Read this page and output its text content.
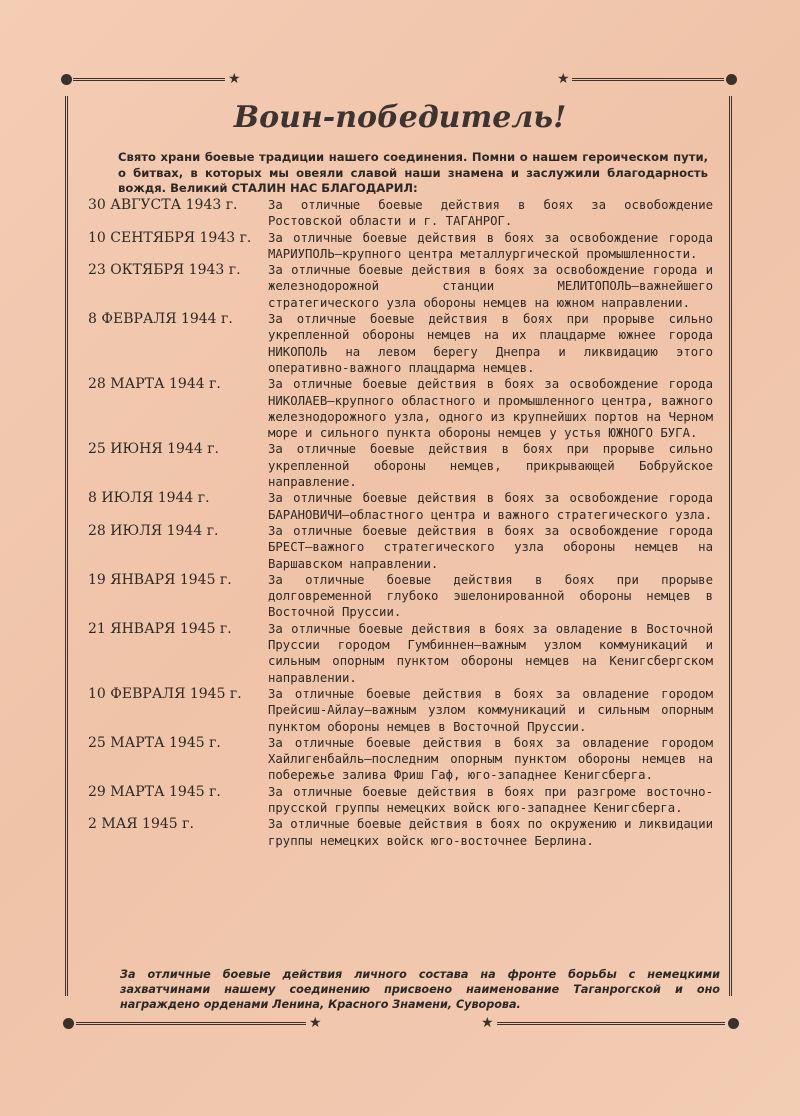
★	★
★	★
Воин-победитель!
Свято храни боевые традиции нашего соединения. Помни о нашем героическом пути, о битвах, в которых мы овеяли славой наши знамена и заслужили благодарность вождя. Великий СТАЛИН НАС БЛАГОДАРИЛ:
30 АВГУСТА 1943 г.	За отличные боевые действия в боях за освобождение Ростовской области и г. ТАГАНРОГ.
10 СЕНТЯБРЯ 1943 г.	За отличные боевые действия в боях за освобождение города МАРИУПОЛЬ—крупного центра металлургической промышленности.
23 ОКТЯБРЯ 1943 г.	За отличные боевые действия в боях за освобождение города и железнодорожной станции МЕЛИТОПОЛЬ—важнейшего стратегического узла обороны немцев на южном направлении.
8 ФЕВРАЛЯ 1944 г.	За отличные боевые действия в боях при прорыве сильно укрепленной обороны немцев на их плацдарме южнее города НИКОПОЛЬ на левом берегу Днепра и ликвидацию этого оперативно-важного плацдарма немцев.
28 МАРТА 1944 г.	За отличные боевые действия в боях за освобождение города НИКОЛАЕВ—крупного областного и промышленного центра, важного железнодорожного узла, одного из крупнейших портов на Черном море и сильного пункта обороны немцев у устья ЮЖНОГО БУГА.
25 ИЮНЯ 1944 г.	За отличные боевые действия в боях при прорыве сильно укрепленной обороны немцев, прикрывающей Бобруйское направление.
8 ИЮЛЯ 1944 г.	За отличные боевые действия в боях за освобождение города БАРАНОВИЧИ—областного центра и важного стратегического узла.
28 ИЮЛЯ 1944 г.	За отличные боевые действия в боях за освобождение города БРЕСТ—важного стратегического узла обороны немцев на Варшавском направлении.
19 ЯНВАРЯ 1945 г.	За отличные боевые действия в боях при прорыве долговременной глубоко эшелонированной обороны немцев в Восточной Пруссии.
21 ЯНВАРЯ 1945 г.	За отличные боевые действия в боях за овладение в Восточной Пруссии городом Гумбиннен—важным узлом коммуникаций и сильным опорным пунктом обороны немцев на Кенигсбергском направлении.
10 ФЕВРАЛЯ 1945 г.	За отличные боевые действия в боях за овладение городом Прейсиш-Айлау—важным узлом коммуникаций и сильным опорным пунктом обороны немцев в Восточной Пруссии.
25 МАРТА 1945 г.	За отличные боевые действия в боях за овладение городом Хайлигенбайль—последним опорным пунктом обороны немцев на побережье залива Фриш Гаф, юго-западнее Кенигсберга.
29 МАРТА 1945 г.	За отличные боевые действия в боях при разгроме восточно-прусской группы немецких войск юго-западнее Кенигсберга.
2 МАЯ 1945 г.	За отличные боевые действия в боях по окружению и ликвидации группы немецких войск юго-восточнее Берлина.
За отличные боевые действия личного состава на фронте борьбы с немецкими захватчинами нашему соединению присвоено наименование Таганрогской и оно награждено орденами Ленина, Красного Знамени, Суворова.
